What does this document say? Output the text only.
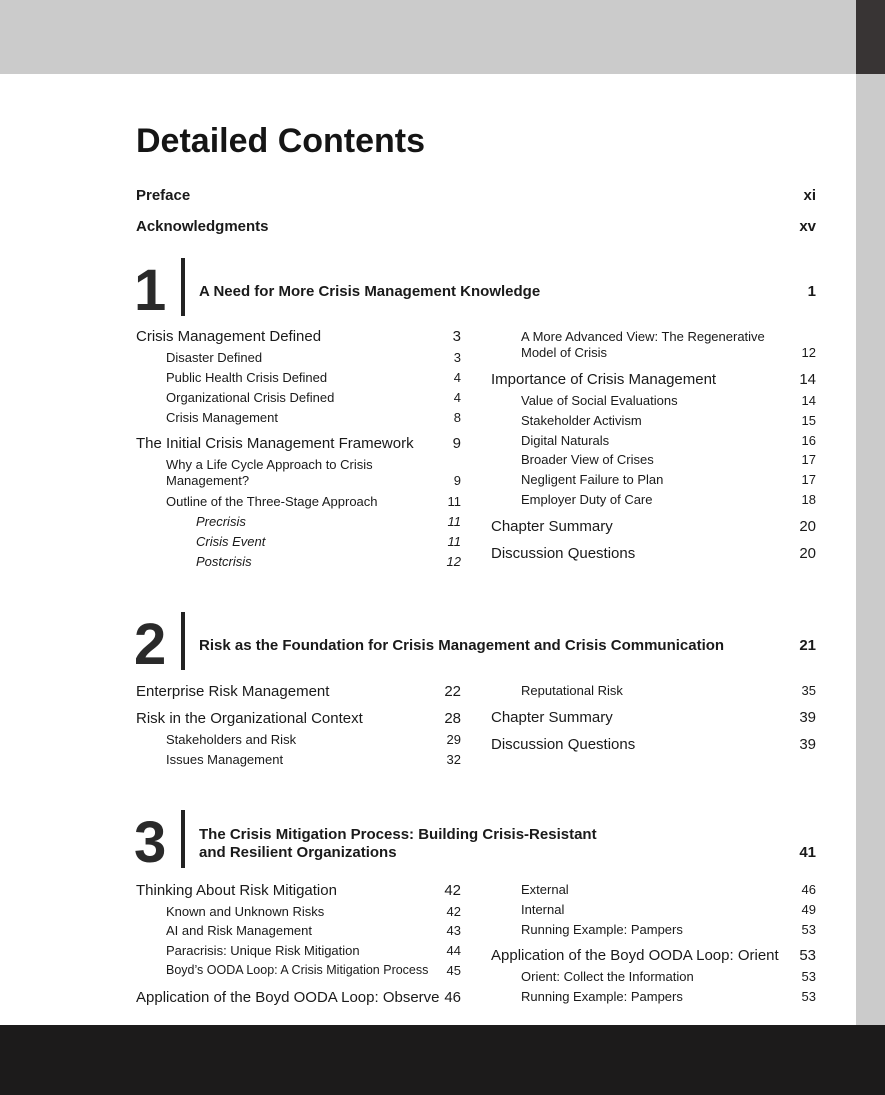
Detailed Contents
Preface	xi
Acknowledgments	xv
1 A Need for More Crisis Management Knowledge	1
Crisis Management Defined	3
Disaster Defined	3
Public Health Crisis Defined	4
Organizational Crisis Defined	4
Crisis Management	8
The Initial Crisis Management Framework	9
Why a Life Cycle Approach to Crisis
Management?	9
Outline of the Three-Stage Approach	11
Precrisis	11
Crisis Event	11
Postcrisis	12
A More Advanced View: The Regenerative
Model of Crisis	12
Importance of Crisis Management	14
Value of Social Evaluations	14
Stakeholder Activism	15
Digital Naturals	16
Broader View of Crises	17
Negligent Failure to Plan	17
Employer Duty of Care	18
Chapter Summary	20
Discussion Questions	20
2 Risk as the Foundation for Crisis Management and Crisis Communication	21
Enterprise Risk Management	22
Risk in the Organizational Context	28
Stakeholders and Risk	29
Issues Management	32
Reputational Risk	35
Chapter Summary	39
Discussion Questions	39
3 The Crisis Mitigation Process: Building Crisis-Resistant
and Resilient Organizations	41
Thinking About Risk Mitigation	42
Known and Unknown Risks	42
AI and Risk Management	43
Paracrisis: Unique Risk Mitigation	44
Boyd’s OODA Loop: A Crisis Mitigation Process	45
Application of the Boyd OODA Loop: Observe 46
External	46
Internal	49
Running Example: Pampers	53
Application of the Boyd OODA Loop: Orient	53
Orient: Collect the Information	53
Running Example: Pampers	53
